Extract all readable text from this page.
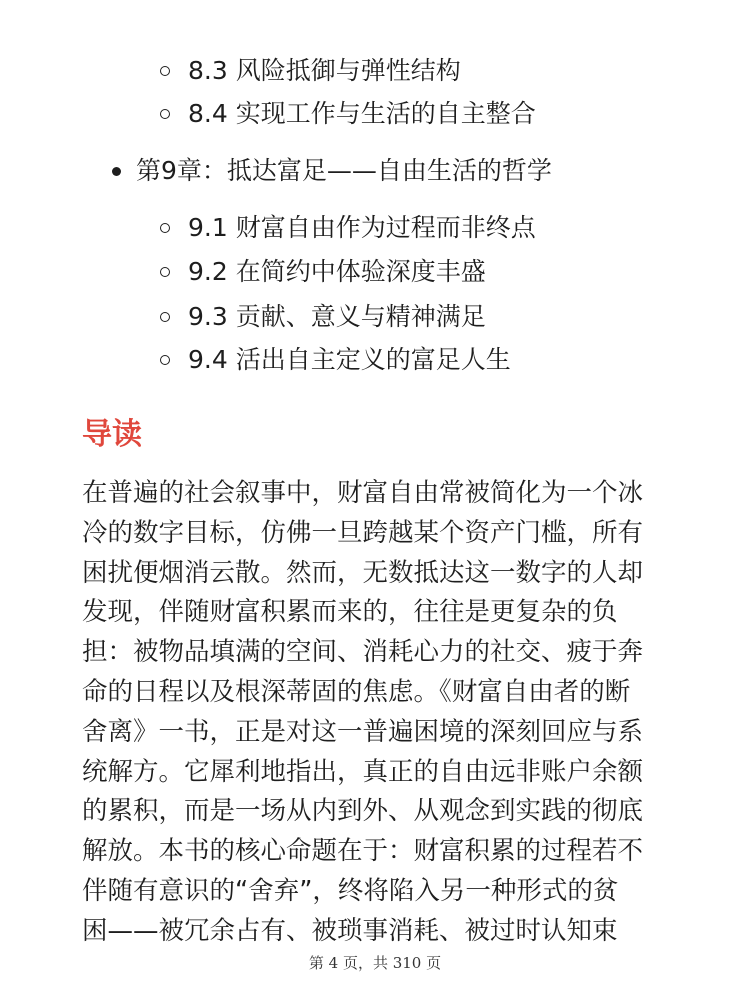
8.3 风险抵御与弹性结构
8.4 实现工作与生活的自主整合
第9章：抵达富足——自由生活的哲学
9.1 财富自由作为过程而非终点
9.2 在简约中体验深度丰盛
9.3 贡献、意义与精神满足
9.4 活出自主定义的富足人生
导读

在普遍的社会叙事中，财富自由常被简化为一个冰
冷的数字目标，仿佛一旦跨越某个资产门槛，所有
困扰便烟消云散。然而，无数抵达这一数字的人却
发现，伴随财富积累而来的，往往是更复杂的负
担：被物品填满的空间、消耗心力的社交、疲于奔
命的日程以及根深蒂固的焦虑。《财富自由者的断
舍离》一书，正是对这一普遍困境的深刻回应与系
统解方。它犀利地指出，真正的自由远非账户余额
的累积，而是一场从内到外、从观念到实践的彻底
解放。本书的核心命题在于：财富积累的过程若不
伴随有意识的“舍弃”，终将陷入另一种形式的贫
困——被冗余占有、被琐事消耗、被过时认知束

第 4 页，共 310 页
